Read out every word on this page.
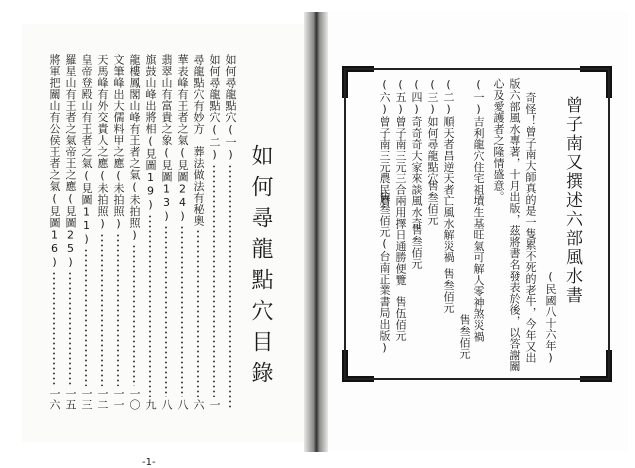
如何尋龍點穴目錄
如何尋龍點穴(一)
如何尋龍點穴(二)
一
尋龍點穴有妙方　葬法做法有秘奧
六
華表峰有王者之氣(見圖24)
八
翡翠山有富貴之象(見圖13)
八
旗鼓山峰出將相(見圖19)
九
龍樓鳳閣山峰有王者之氣(未拍照)
一〇
文筆峰出大儒料甲之應(未拍照)
一一
天馬峰有外交貴人之應(未拍照)
一二
皇帝登殿山有王者之氣(見圖11)
一三
羅星山有王者之氣帝王之應(見圖25)
一五
將軍把關山有公侯王者之氣(見圖16)
一六
-1-
曾子南又撰述六部風水書
(民國八十六年)
奇怪！曾子南大師真的是一隻累不死的老牛，今年又出
版六部風水專著，十月出版，茲將書名發表於後，以答謝關
心及愛護者之隆情盛意。
(一)吉利龍穴住宅祖墳生基旺氣可解人零神煞災禍
售叁佰元
(二)順天者昌逆天者亡風水解災禍
售叁佰元
(三)如何尋龍點穴
售叁佰元
(四)奇奇奇大家來談風水奇
售叁佰元
(五)曾子南三元三合兩用擇日通勝便覽
售伍佰元
(六)曾子南三元農民曆
售叁佰元(台南正業書局出版)
